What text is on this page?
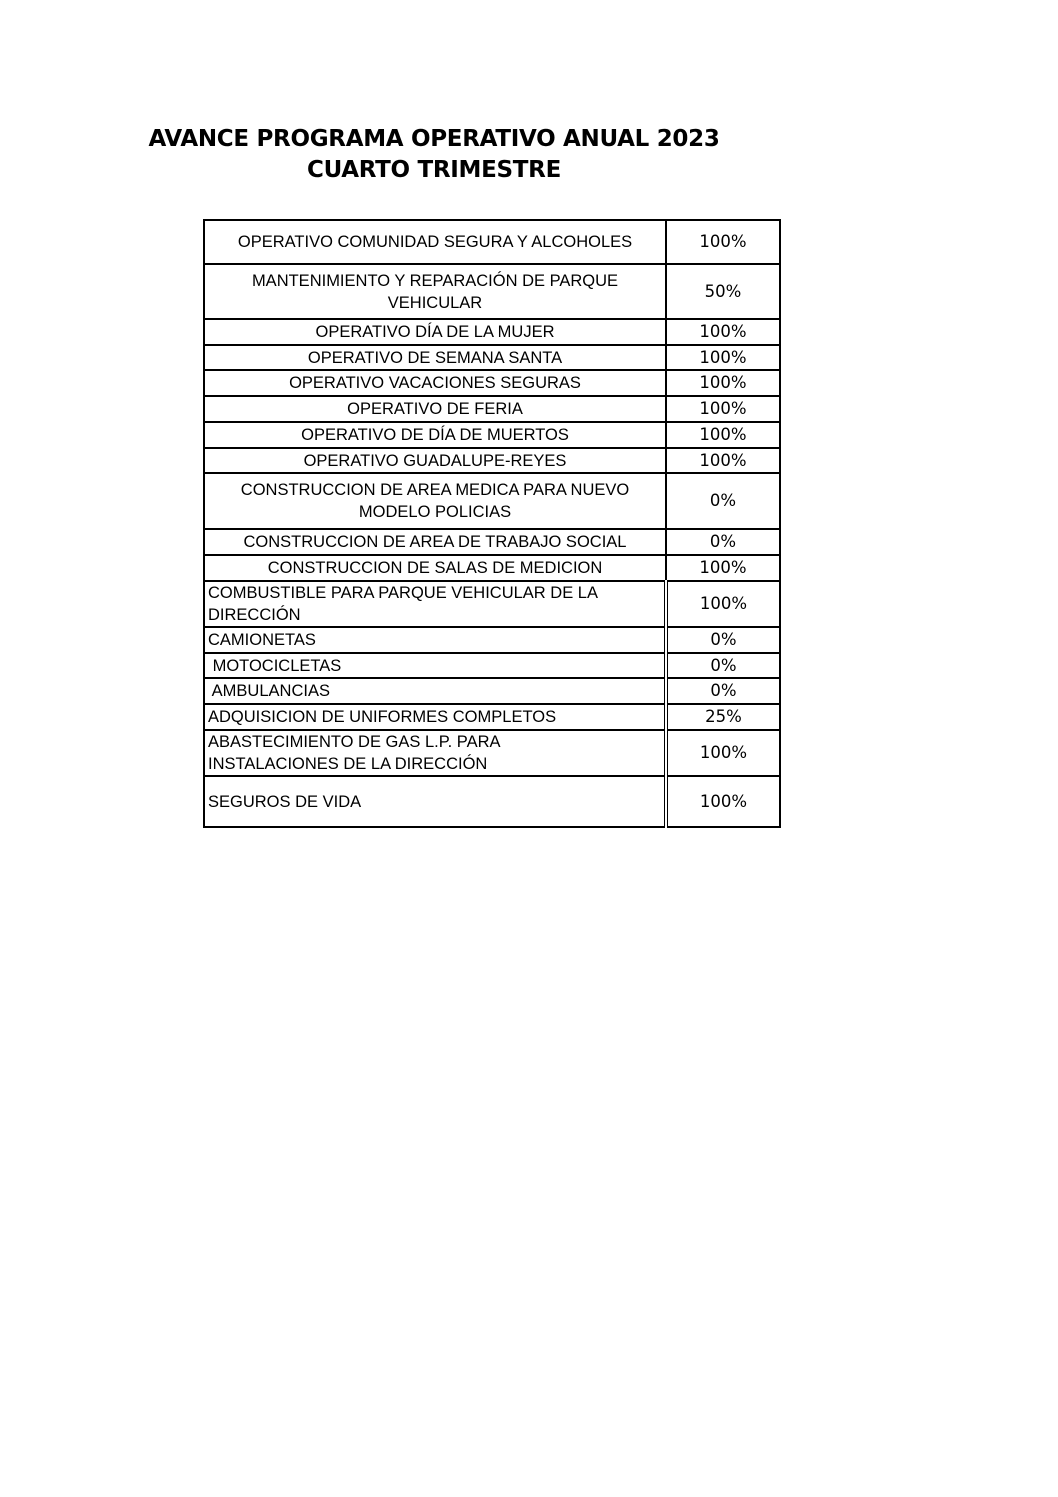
AVANCE PROGRAMA OPERATIVO ANUAL 2023
CUARTO TRIMESTRE
OPERATIVO COMUNIDAD SEGURA Y ALCOHOLES	100%
MANTENIMIENTO Y REPARACIÓN DE PARQUE VEHICULAR	50%
OPERATIVO DÍA DE LA MUJER	100%
OPERATIVO DE SEMANA SANTA	100%
OPERATIVO VACACIONES SEGURAS	100%
OPERATIVO DE FERIA	100%
OPERATIVO DE DÍA DE MUERTOS	100%
OPERATIVO GUADALUPE-REYES	100%
CONSTRUCCION DE AREA MEDICA PARA NUEVO MODELO POLICIAS	0%
CONSTRUCCION DE AREA DE TRABAJO SOCIAL	0%
CONSTRUCCION DE SALAS DE MEDICION	100%
COMBUSTIBLE PARA PARQUE VEHICULAR DE LA DIRECCIÓN	100%
CAMIONETAS	0%
MOTOCICLETAS	0%
AMBULANCIAS	0%
ADQUISICION DE UNIFORMES COMPLETOS	25%
ABASTECIMIENTO DE GAS L.P. PARA INSTALACIONES DE LA DIRECCIÓN	100%
SEGUROS DE VIDA	100%
